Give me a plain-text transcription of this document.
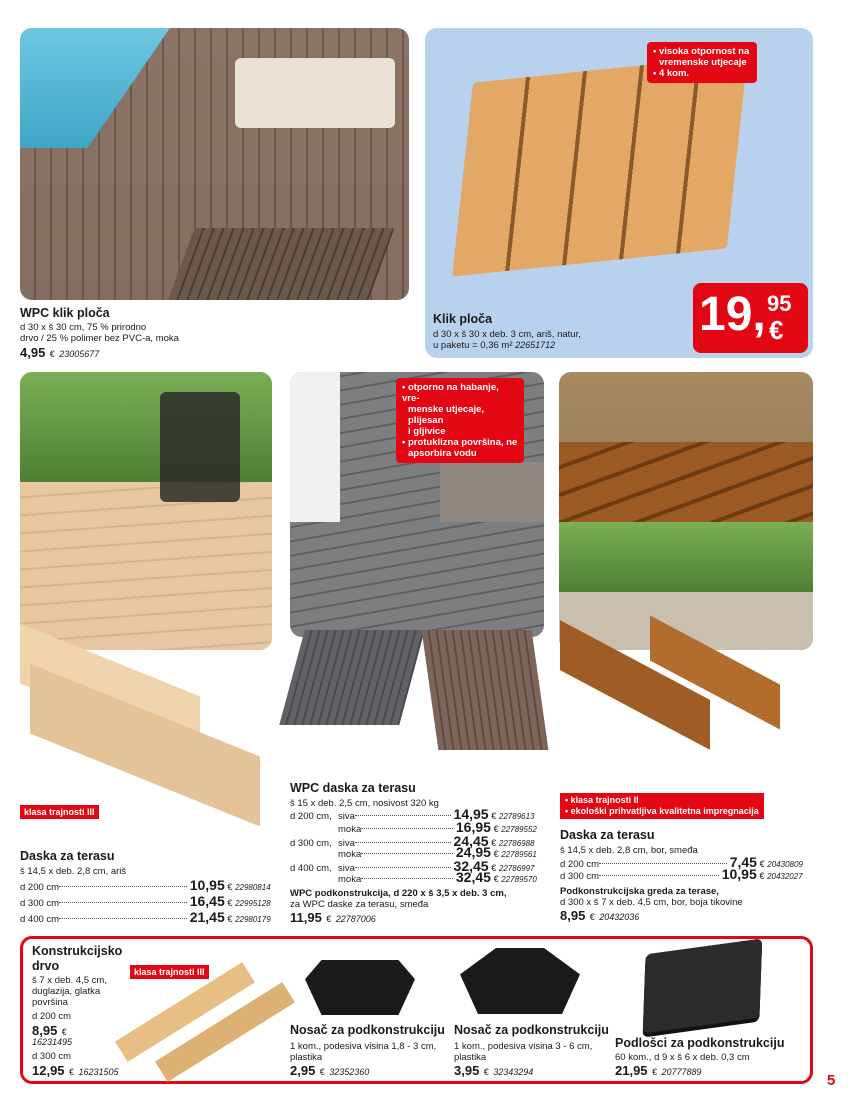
WPC klik ploča
d 30 x š 30 cm, 75 % prirodno
drvo / 25 % polimer bez PVC-a, moka
4,95 € 23005677
• visoka otpornost na
vremenske utjecaje
• 4 kom.
Klik ploča
d 30 x š 30 x deb. 3 cm, ariš, natur,
u paketu = 0,36 m² 22651712
19, 95
€
• otporno na habanje, vre-
menske utjecaje, plijesan
i gljivice
• protuklizna površina, ne
apsorbira vodu
klasa trajnosti III
Daska za terasu
š 14,5 x deb. 2,8 cm, ariš
d 200 cm	10,95 € 22980814
d 300 cm	16,45 € 22995128
d 400 cm	21,45 € 22980179
WPC daska za terasu
š 15 x deb. 2,5 cm, nosivost 320 kg
d 200 cm, siva	14,95 € 22789613
moka	16,95 € 22789552
d 300 cm, siva	24,45 € 22786988
moka	24,95 € 22789561
d 400 cm, siva	32,45 € 22786997
moka	32,45 € 22789570
WPC podkonstrukcija, d 220 x š 3,5 x deb. 3 cm,
za WPC daske za terasu, smeđa
11,95 € 22787006
• klasa trajnosti II
• ekološki prihvatljiva kvalitetna impregnacija
Daska za terasu
š 14,5 x deb. 2,8 cm, bor, smeđa
d 200 cm	7,45 € 20430809
d 300 cm	10,95 € 20432027
Podkonstrukcijska greda za terase,
d 300 x š 7 x deb. 4,5 cm, bor, boja tikovine
8,95 € 20432036
Konstrukcijsko
drvo
š 7 x deb. 4,5 cm,
duglazija, glatka
površina
d 200 cm
8,95 €
16231495
d 300 cm
12,95 € 16231505
klasa trajnosti III
Nosač za podkonstrukciju
1 kom., podesiva visina 1,8 - 3 cm,
plastika
2,95 € 32352360
Nosač za podkonstrukciju
1 kom., podesiva visina 3 - 6 cm,
plastika
3,95 € 32343294
Podlošci za podkonstrukciju
60 kom., d 9 x š 6 x deb. 0,3 cm
21,95 € 20777889	5
